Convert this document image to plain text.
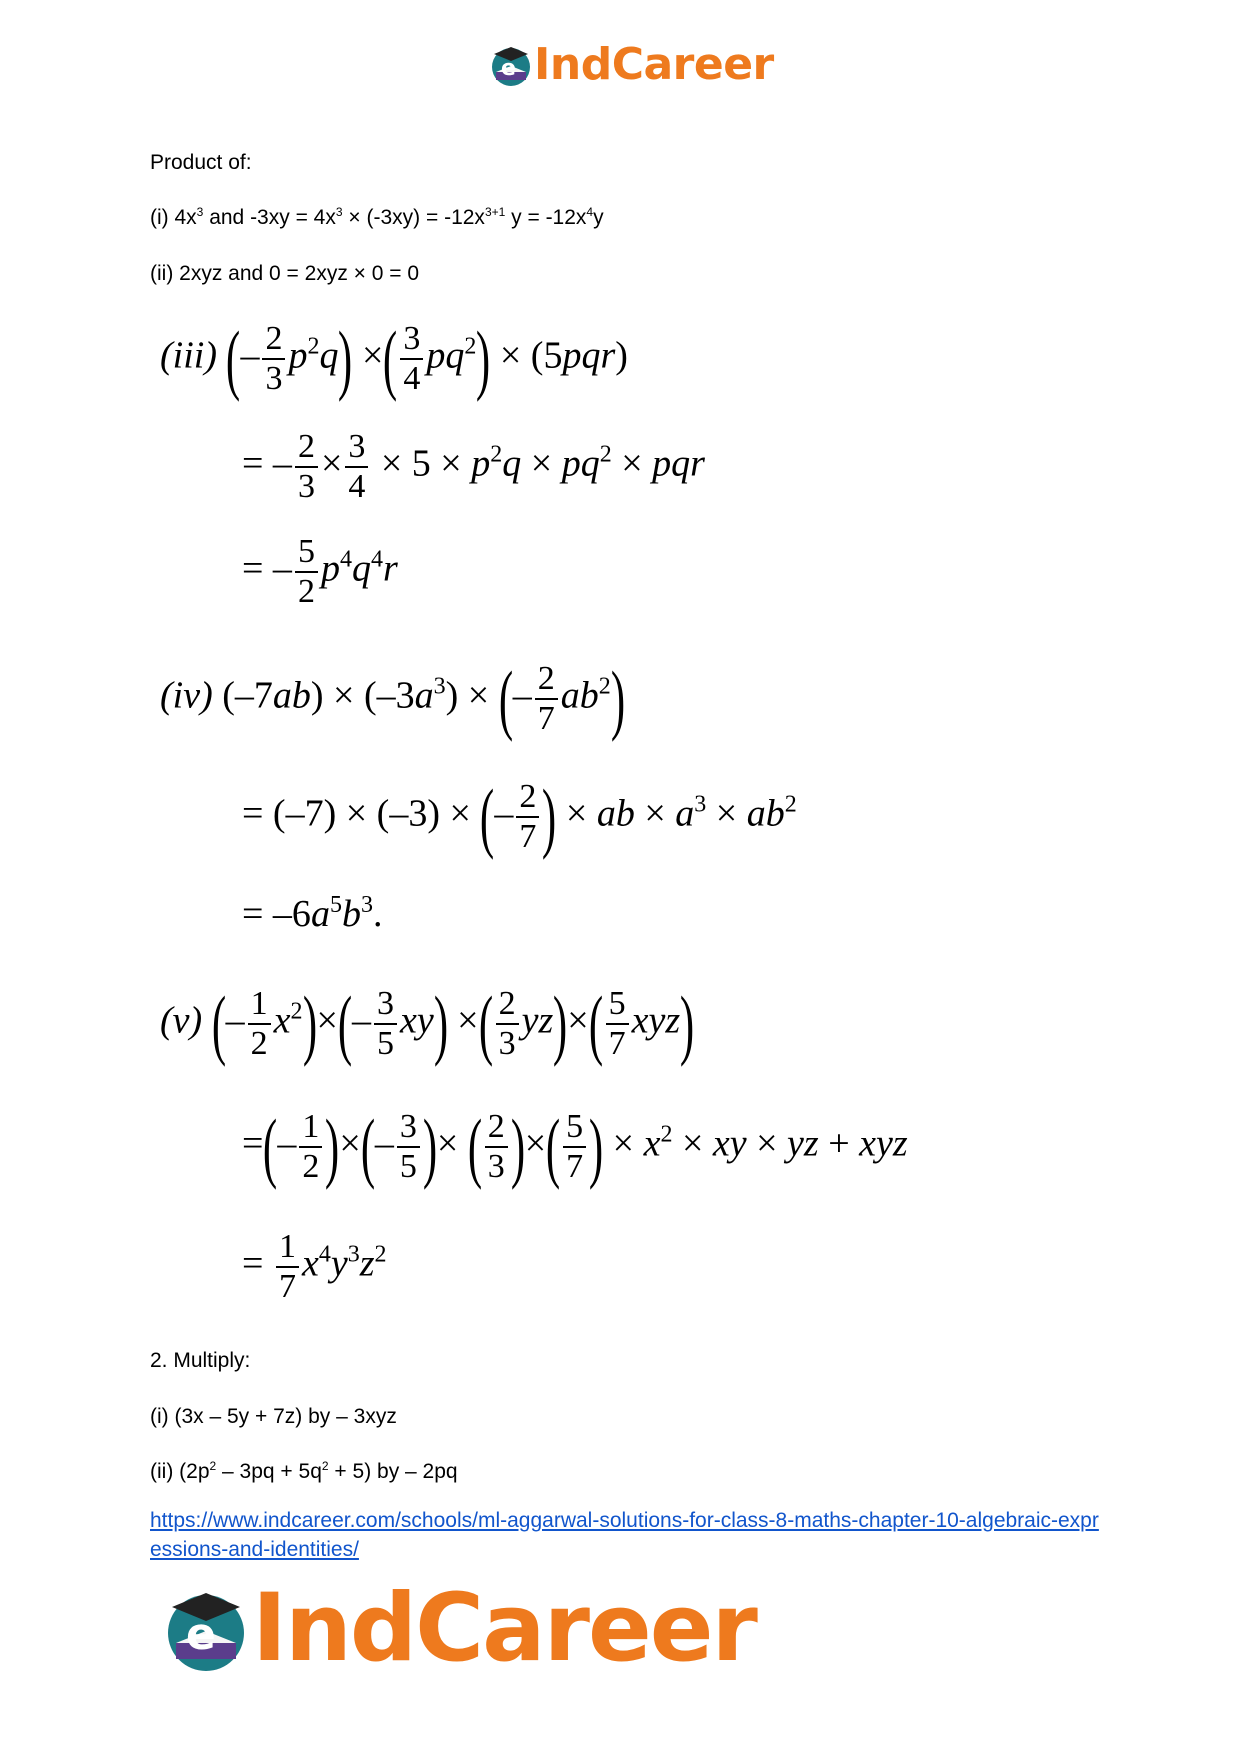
e IndCareer
Product of:
(i) $4x^3$ and $-3xy = 4x^3 \times (-3xy) = -12x^{3+1}$ $y = -12x^4y$
(ii) 2xyz and 0 = 2xyz × 0 = 0
(iii) (– $\frac{2}{3} p^2q$) ×( $\frac{3}{4} pq^2) \times (5pqr)$
= – $\frac{2}{3} \times \frac{3}{4} \times 5 \times p^2q \times pq^2$ × pqr
= – $\frac{5}{2} p^4q^4r$
(iv) $(-7ab) \times (-3a^3)$ × (– $\frac{2}{7} ab^2$)
= (–7) × (–3) × (– $\frac{2}{7}$ ) × ab × $a^3 \times ab^2$
= $-6a^5b^3$.
(v) (– $\frac{1}{2} x^2)\times(- \frac{3}{5} xy)$ ×( $\frac{2}{3} yz)\times( \frac{5}{7} xyz)$
=(– $\frac{1}{2}$ )×(– $\frac{3}{5}$ )× ( $\frac{2}{3}$ )×( $\frac{5}{7}$ ) × $x^2$ × xy × yz + xyz
= $\frac{1}{7} x^4y^3z^2$
2. Multiply:
(i) (3x – 5y + 7z) by – 3xyz
(ii) $(2p^2 - 3pq + 5q^2 + 5)$ by – 2pq
https://www.indcareer.com/schools/ml-aggarwal-solutions-for-class-8-maths-chapter-10-algebraic-expressions-and-identities/
e IndCareer
